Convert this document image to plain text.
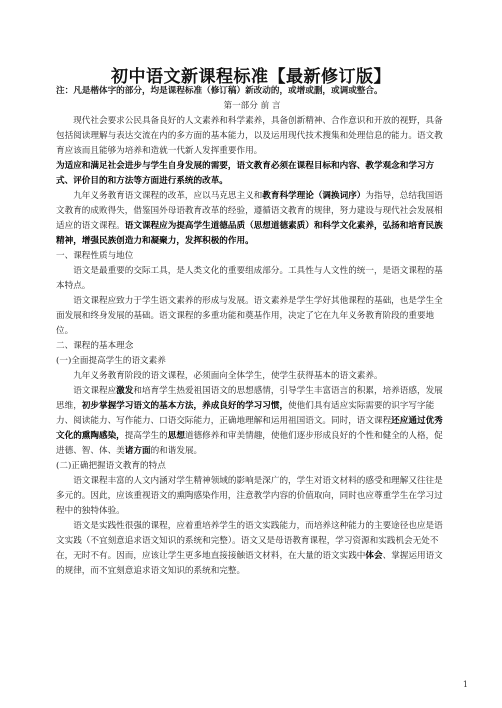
初中语文新课程标准【最新修订版】

注：凡是楷体字的部分，均是课程标准（修订稿）新改动的，或增或删，或调或整合。

第一部分 前 言

现代社会要求公民具备良好的人文素养和科学素养，具备创新精神、合作意识和开放的视野，具备包括阅读理解与表达交流在内的多方面的基本能力，以及运用现代技术搜集和处理信息的能力。语文教育应该而且能够为培养和造就一代新人发挥重要作用。

为适应和满足社会进步与学生自身发展的需要，语文教育必须在课程目标和内容、教学观念和学习方式、评价目的和方法等方面进行系统的改革。

九年义务教育语文课程的改革，应以马克思主义和教育科学理论（调换词序）为指导，总结我国语文教育的成败得失，借鉴国外母语教育改革的经验，遵循语文教育的规律，努力建设与现代社会发展相适应的语文课程。语文课程应为提高学生道德品质（思想道德素质）和科学文化素养，弘扬和培育民族精神，增强民族创造力和凝聚力，发挥积极的作用。

一、课程性质与地位

语文是最重要的交际工具，是人类文化的重要组成部分。工具性与人文性的统一，是语文课程的基本特点。

语文课程应致力于学生语文素养的形成与发展。语文素养是学生学好其他课程的基础，也是学生全面发展和终身发展的基础。语文课程的多重功能和奠基作用，决定了它在九年义务教育阶段的重要地位。

二、课程的基本理念

(一)全面提高学生的语文素养

九年义务教育阶段的语文课程，必须面向全体学生，使学生获得基本的语文素养。

语文课程应激发和培育学生热爱祖国语文的思想感情，引导学生丰富语言的积累，培养语感，发展思维，初步掌握学习语文的基本方法，养成良好的学习习惯，使他们具有适应实际需要的识字写字能力、阅读能力、写作能力、口语交际能力，正确地理解和运用祖国语文。同时，语文课程还应通过优秀文化的熏陶感染，提高学生的思想道德修养和审美情趣，使他们逐步形成良好的个性和健全的人格，促进德、智、体、美诸方面的和谐发展。

(二)正确把握语文教育的特点

语文课程丰富的人文内涵对学生精神领域的影响是深广的，学生对语文材料的感受和理解又往往是多元的。因此，应该重视语文的熏陶感染作用，注意教学内容的价值取向，同时也应尊重学生在学习过程中的独特体验。

语文是实践性很强的课程，应着重培养学生的语文实践能力，而培养这种能力的主要途径也应是语文实践（不宜刻意追求语文知识的系统和完整）。语文又是母语教育课程，学习资源和实践机会无处不在，无时不有。因而，应该让学生更多地直接接触语文材料，在大量的语文实践中体会、掌握运用语文的规律，而不宜刻意追求语文知识的系统和完整。

1
